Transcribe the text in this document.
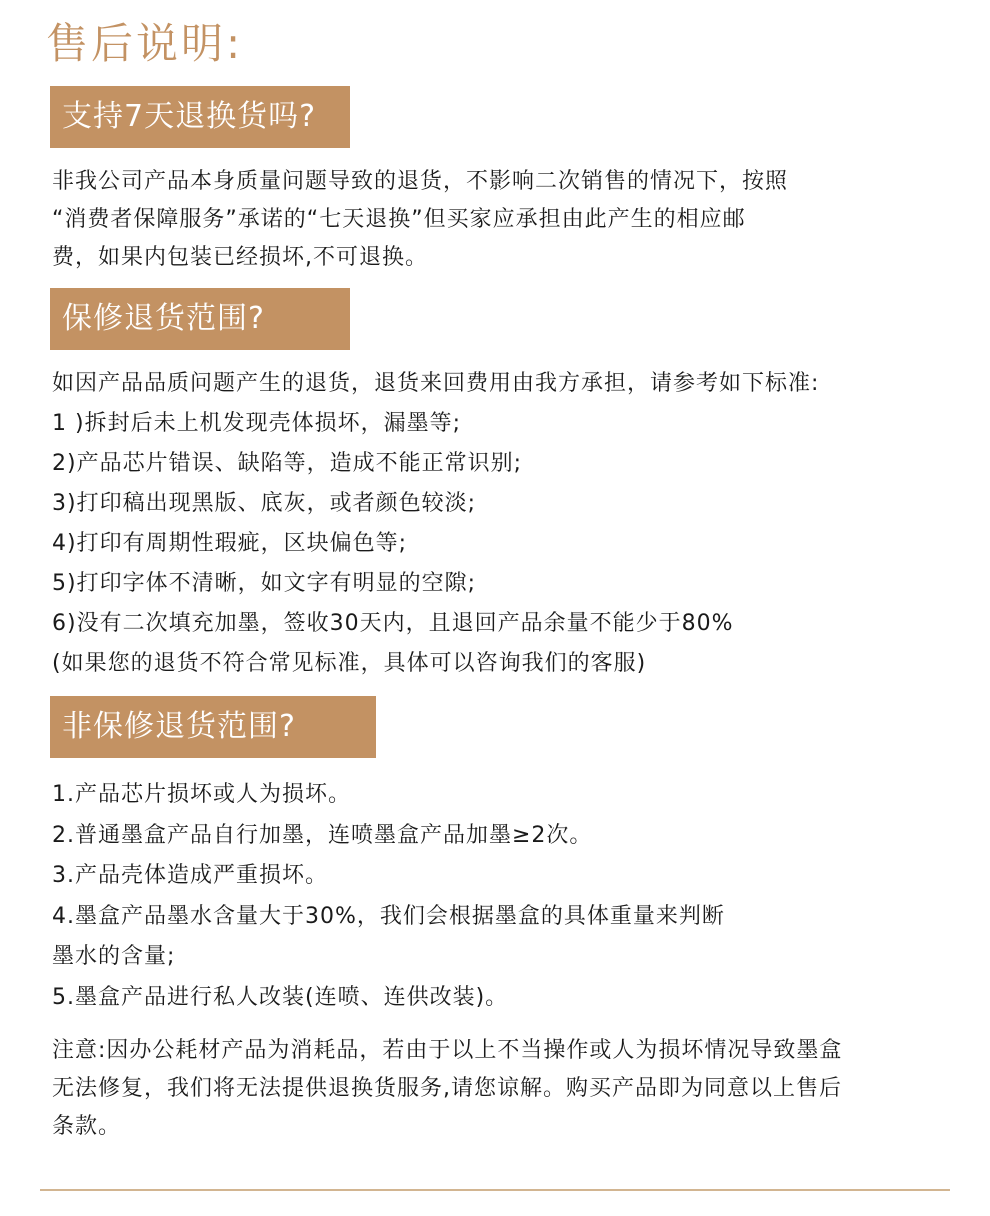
售后说明:
支持7天退换货吗?
非我公司产品本身质量问题导致的退货，不影响二次销售的情况下，按照
“消费者保障服务”承诺的“七天退换”但买家应承担由此产生的相应邮
费，如果内包装已经损坏,不可退换。
保修退货范围?
如因产品品质问题产生的退货，退货来回费用由我方承担，请参考如下标准:
1 )拆封后未上机发现壳体损坏，漏墨等;
2)产品芯片错误、缺陷等，造成不能正常识别;
3)打印稿出现黑版、底灰，或者颜色较淡;
4)打印有周期性瑕疵，区块偏色等;
5)打印字体不清晰，如文字有明显的空隙;
6)没有二次填充加墨，签收30天内，且退回产品余量不能少于80%
(如果您的退货不符合常见标准，具体可以咨询我们的客服)
非保修退货范围?
1.产品芯片损坏或人为损坏。
2.普通墨盒产品自行加墨，连喷墨盒产品加墨≥2次。
3.产品壳体造成严重损坏。
4.墨盒产品墨水含量大于30%，我们会根据墨盒的具体重量来判断
墨水的含量;
5.墨盒产品进行私人改装(连喷、连供改装)。
注意:因办公耗材产品为消耗品，若由于以上不当操作或人为损坏情况导致墨盒
无法修复，我们将无法提供退换货服务,请您谅解。购买产品即为同意以上售后
条款。
